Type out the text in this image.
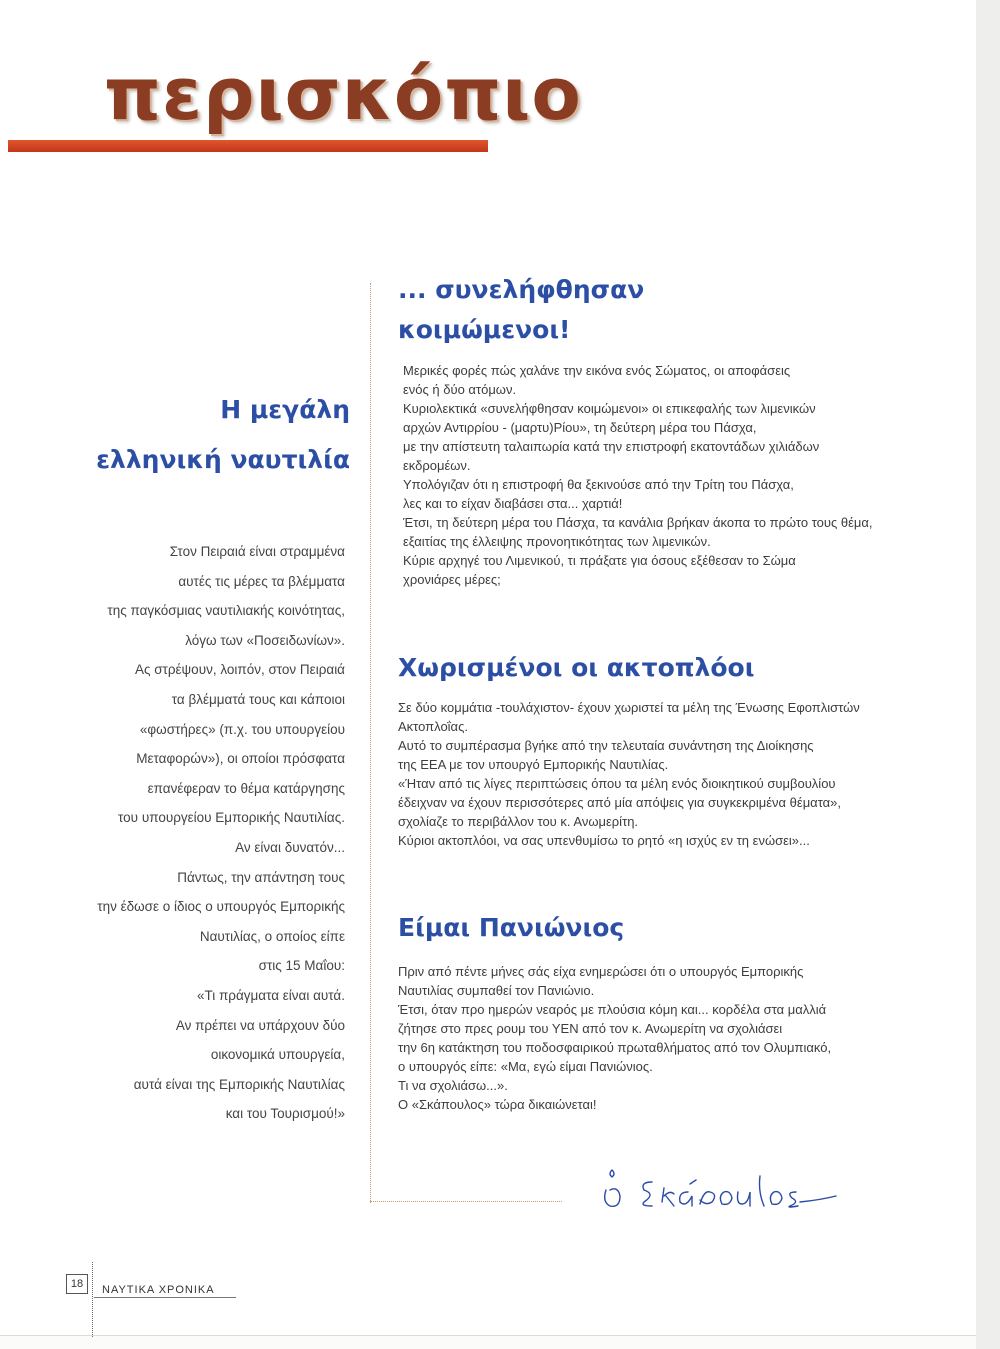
περισκόπιο
Η μεγάλη
ελληνική ναυτιλία
Στον Πειραιά είναι στραμμένα
αυτές τις μέρες τα βλέμματα
της παγκόσμιας ναυτιλιακής κοινότητας,
λόγω των «Ποσειδωνίων».
Ας στρέψουν, λοιπόν, στον Πειραιά
τα βλέμματά τους και κάποιοι
«φωστήρες» (π.χ. του υπουργείου
Μεταφορών»), οι οποίοι πρόσφατα
επανέφεραν το θέμα κατάργησης
του υπουργείου Εμπορικής Ναυτιλίας.
Αν είναι δυνατόν...
Πάντως, την απάντηση τους
την έδωσε ο ίδιος ο υπουργός Εμπορικής
Ναυτιλίας, ο οποίος είπε
στις 15 Μαΐου:
«Τι πράγματα είναι αυτά.
Αν πρέπει να υπάρχουν δύο
οικονομικά υπουργεία,
αυτά είναι της Εμπορικής Ναυτιλίας
και του Τουρισμού!»
... συνελήφθησαν
κοιμώμενοι!
Μερικές φορές πώς χαλάνε την εικόνα ενός Σώματος, οι αποφάσεις
ενός ή δύο ατόμων.
Κυριολεκτικά «συνελήφθησαν κοιμώμενοι» οι επικεφαλής των λιμενικών
αρχών Αντιρρίου - (μαρτυ)Ρίου», τη δεύτερη μέρα του Πάσχα,
με την απίστευτη ταλαιπωρία κατά την επιστροφή εκατοντάδων χιλιάδων
εκδρομέων.
Υπολόγιζαν ότι η επιστροφή θα ξεκινούσε από την Τρίτη του Πάσχα,
λες και το είχαν διαβάσει στα... χαρτιά!
Έτσι, τη δεύτερη μέρα του Πάσχα, τα κανάλια βρήκαν άκοπα το πρώτο τους θέμα,
εξαιτίας της έλλειψης προνοητικότητας των λιμενικών.
Κύριε αρχηγέ του Λιμενικού, τι πράξατε για όσους εξέθεσαν το Σώμα
χρονιάρες μέρες;
Χωρισμένοι οι ακτοπλόοι
Σε δύο κομμάτια -τουλάχιστον- έχουν χωριστεί τα μέλη της Ένωσης Εφοπλιστών
Ακτοπλοΐας.
Αυτό το συμπέρασμα βγήκε από την τελευταία συνάντηση της Διοίκησης
της ΕΕΑ με τον υπουργό Εμπορικής Ναυτιλίας.
«Ήταν από τις λίγες περιπτώσεις όπου τα μέλη ενός διοικητικού συμβουλίου
έδειχναν να έχουν περισσότερες από μία απόψεις για συγκεκριμένα θέματα»,
σχολίαζε το περιβάλλον του κ. Ανωμερίτη.
Κύριοι ακτοπλόοι, να σας υπενθυμίσω το ρητό «η ισχύς εν τη ενώσει»...
Είμαι Πανιώνιος
Πριν από πέντε μήνες σάς είχα ενημερώσει ότι ο υπουργός Εμπορικής
Ναυτιλίας συμπαθεί τον Πανιώνιο.
Έτσι, όταν προ ημερών νεαρός με πλούσια κόμη και... κορδέλα στα μαλλιά
ζήτησε στο πρες ρουμ του ΥΕΝ από τον κ. Ανωμερίτη να σχολιάσει
την 6η κατάκτηση του ποδοσφαιρικού πρωταθλήματος από τον Ολυμπιακό,
ο υπουργός είπε: «Μα, εγώ είμαι Πανιώνιος.
Τι να σχολιάσω...».
Ο «Σκάπουλος» τώρα δικαιώνεται!
18	ΝΑΥΤΙΚΑ ΧΡΟΝΙΚΑ
